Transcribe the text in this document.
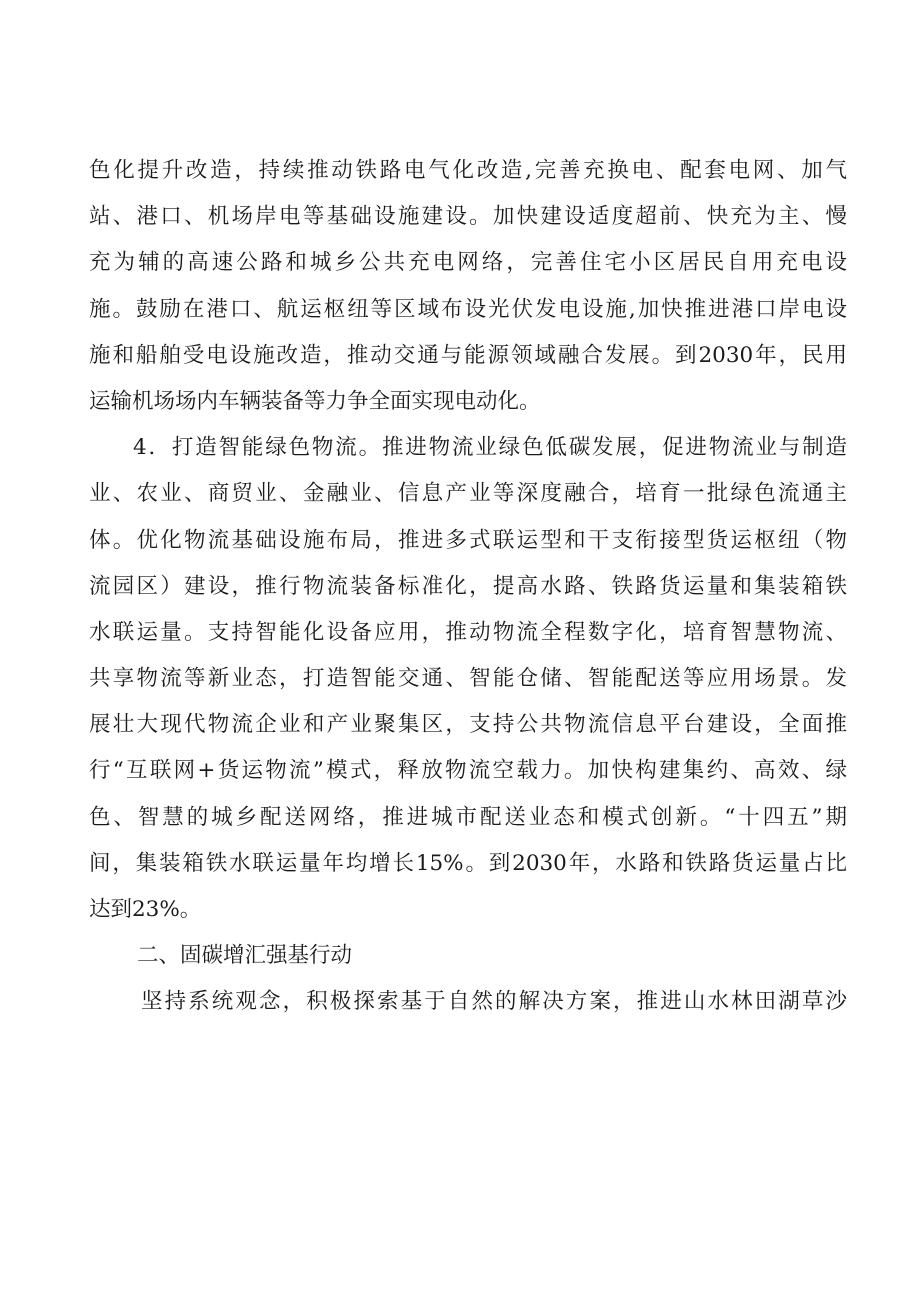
色化提升改造，持续推动铁路电气化改造,完善充换电、配套电网、加气
站、港口、机场岸电等基础设施建设。加快建设适度超前、快充为主、慢
充为辅的高速公路和城乡公共充电网络，完善住宅小区居民自用充电设
施。鼓励在港口、航运枢纽等区域布设光伏发电设施,加快推进港口岸电设
施和船舶受电设施改造，推动交通与能源领域融合发展。到2030年，民用
运输机场场内车辆装备等力争全面实现电动化。
4．打造智能绿色物流。推进物流业绿色低碳发展，促进物流业与制造
业、农业、商贸业、金融业、信息产业等深度融合，培育一批绿色流通主
体。优化物流基础设施布局，推进多式联运型和干支衔接型货运枢纽（物
流园区）建设，推行物流装备标准化，提高水路、铁路货运量和集装箱铁
水联运量。支持智能化设备应用，推动物流全程数字化，培育智慧物流、
共享物流等新业态，打造智能交通、智能仓储、智能配送等应用场景。发
展壮大现代物流企业和产业聚集区，支持公共物流信息平台建设，全面推
行“互联网+货运物流”模式，释放物流空载力。加快构建集约、高效、绿
色、智慧的城乡配送网络，推进城市配送业态和模式创新。“十四五”期
间，集装箱铁水联运量年均增长15%。到2030年，水路和铁路货运量占比
达到23%。
二、固碳增汇强基行动
坚持系统观念，积极探索基于自然的解决方案，推进山水林田湖草沙
